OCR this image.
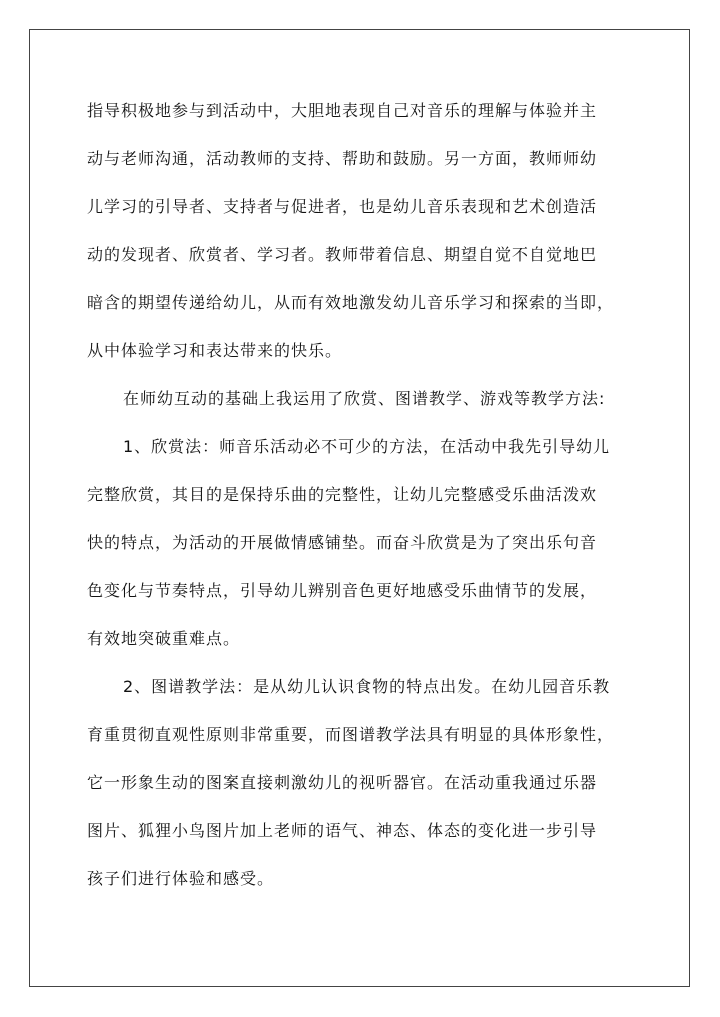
指导积极地参与到活动中，大胆地表现自己对音乐的理解与体验并主
动与老师沟通，活动教师的支持、帮助和鼓励。另一方面，教师师幼
儿学习的引导者、支持者与促进者，也是幼儿音乐表现和艺术创造活
动的发现者、欣赏者、学习者。教师带着信息、期望自觉不自觉地巴
暗含的期望传递给幼儿，从而有效地激发幼儿音乐学习和探索的当即，
从中体验学习和表达带来的快乐。
在师幼互动的基础上我运用了欣赏、图谱教学、游戏等教学方法:
1、欣赏法：师音乐活动必不可少的方法，在活动中我先引导幼儿
完整欣赏，其目的是保持乐曲的完整性，让幼儿完整感受乐曲活泼欢
快的特点，为活动的开展做情感铺垫。而奋斗欣赏是为了突出乐句音
色变化与节奏特点，引导幼儿辨别音色更好地感受乐曲情节的发展，
有效地突破重难点。
2、图谱教学法：是从幼儿认识食物的特点出发。在幼儿园音乐教
育重贯彻直观性原则非常重要，而图谱教学法具有明显的具体形象性，
它一形象生动的图案直接刺激幼儿的视听器官。在活动重我通过乐器
图片、狐狸小鸟图片加上老师的语气、神态、体态的变化进一步引导
孩子们进行体验和感受。
